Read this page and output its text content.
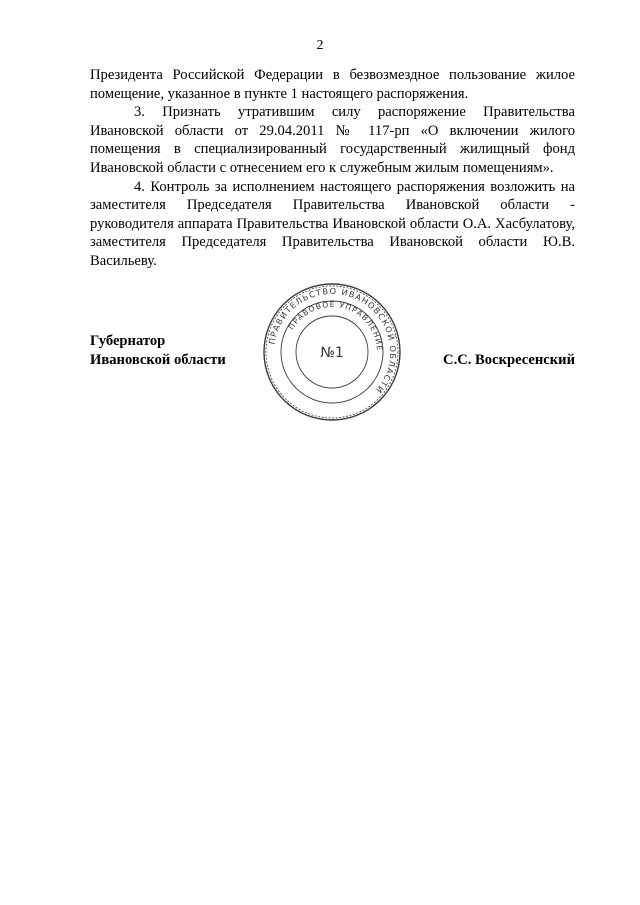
2

Президента Российской Федерации в безвозмездное пользование жилое помещение, указанное в пункте 1 настоящего распоряжения.

3. Признать утратившим силу распоряжение Правительства Ивановской области от 29.04.2011 № 117-рп «О включении жилого помещения в специализированный государственный жилищный фонд Ивановской области с отнесением его к служебным жилым помещениям».

4. Контроль за исполнением настоящего распоряжения возложить на заместителя Председателя Правительства Ивановской области - руководителя аппарата Правительства Ивановской области О.А. Хасбулатову, заместителя Председателя Правительства Ивановской области Ю.В. Васильеву.

Губернатор
Ивановской области
ПРАВИТЕЛЬСТВО ИВАНОВСКОЙ ОБЛАСТИ
ПРАВОВОЕ УПРАВЛЕНИЕ
№1	С.С. Воскресенский
